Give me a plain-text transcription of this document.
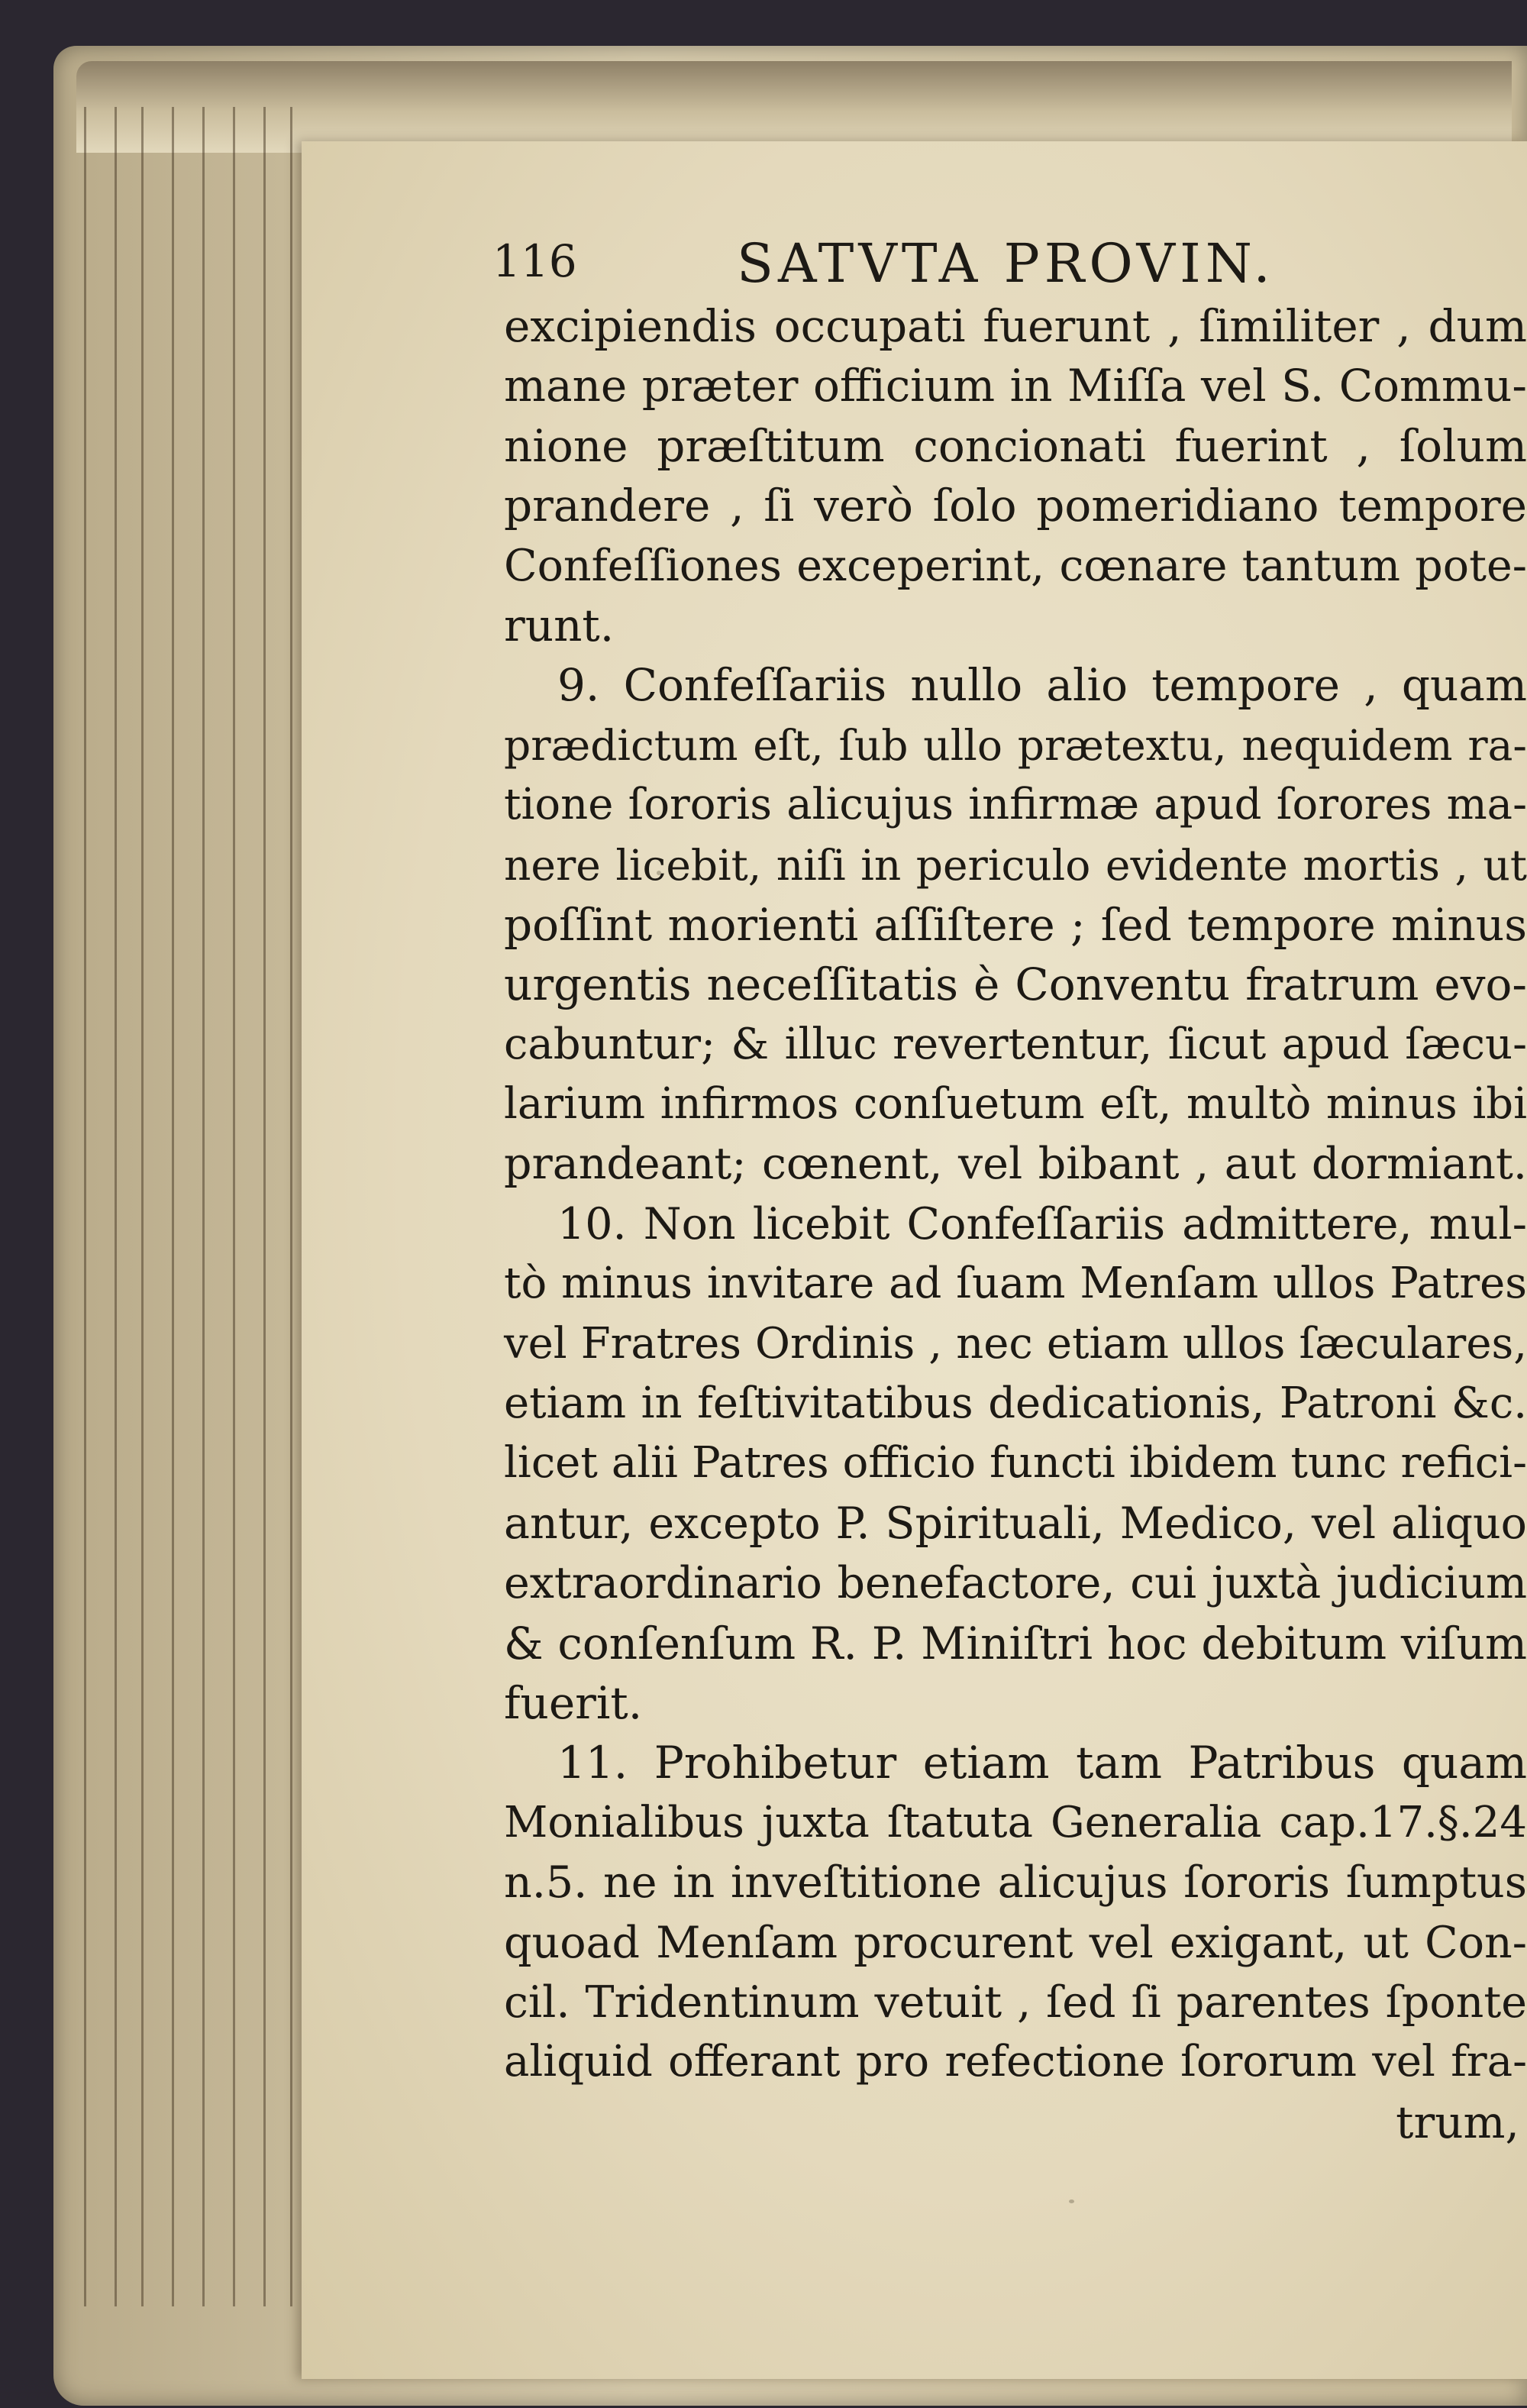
116	SATVTA PROVIN.
excipiendis occupati fuerunt , ſimiliter , dum
mane præter officium in Miſſa vel S. Commu-
nione præſtitum concionati fuerint , ſolum
prandere , ſi verò ſolo pomeridiano tempore
Confeſſiones exceperint, cœnare tantum pote-
runt.
9. Confeſſariis nullo alio tempore , quam
prædictum eſt, ſub ullo prætextu, nequidem ra-
tione ſororis alicujus infirmæ apud ſorores ma-
nere licebit, niſi in periculo evidente mortis , ut
poſſint morienti aſſiſtere ; ſed tempore minus
urgentis neceſſitatis è Conventu fratrum evo-
cabuntur; & illuc revertentur, ſicut apud ſæcu-
larium infirmos conſuetum eſt, multò minus ibi
prandeant; cœnent, vel bibant , aut dormiant.
10. Non licebit Confeſſariis admittere, mul-
tò minus invitare ad ſuam Menſam ullos Patres
vel Fratres Ordinis , nec etiam ullos ſæculares,
etiam in feſtivitatibus dedicationis, Patroni &c.
licet alii Patres officio functi ibidem tunc refici-
antur, excepto P. Spirituali, Medico, vel aliquo
extraordinario benefactore, cui juxtà judicium
& conſenſum R. P. Miniſtri hoc debitum viſum
fuerit.
11. Prohibetur etiam tam Patribus quam
Monialibus juxta ſtatuta Generalia cap.17.§.24
n.5. ne in inveſtitione alicujus ſororis ſumptus
quoad Menſam procurent vel exigant, ut Con-
cil. Tridentinum vetuit , ſed ſi parentes ſponte
aliquid offerant pro refectione ſororum vel fra-
trum,
